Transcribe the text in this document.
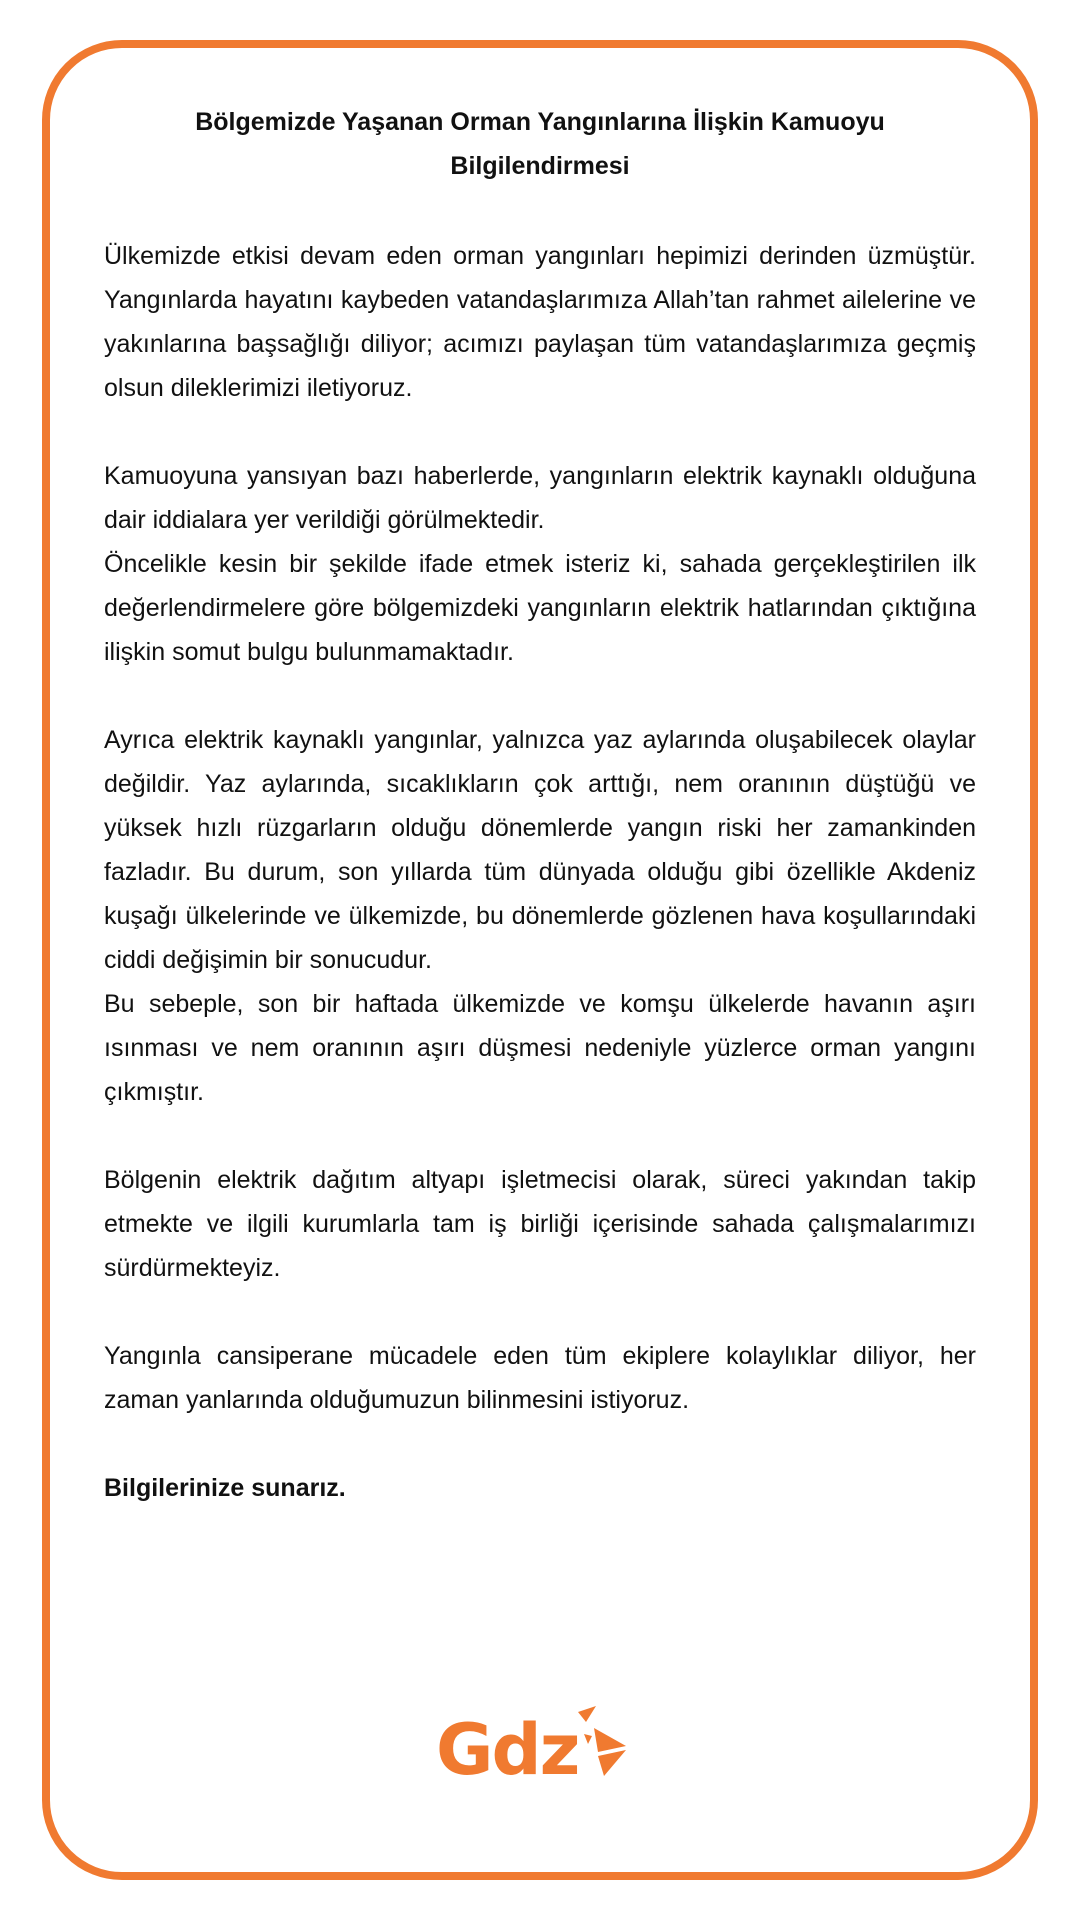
Bölgemizde Yaşanan Orman Yangınlarına İlişkin Kamuoyu Bilgilendirmesi

Ülkemizde etkisi devam eden orman yangınları hepimizi derinden üzmüştür. Yangınlarda hayatını kaybeden vatandaşlarımıza Allah’tan rahmet ailelerine ve yakınlarına başsağlığı diliyor; acımızı paylaşan tüm vatandaşlarımıza geçmiş olsun dileklerimizi iletiyoruz.

Kamuoyuna yansıyan bazı haberlerde, yangınların elektrik kaynaklı olduğuna dair iddialara yer verildiği görülmektedir.

Öncelikle kesin bir şekilde ifade etmek isteriz ki, sahada gerçekleştirilen ilk değerlendirmelere göre bölgemizdeki yangınların elektrik hatlarından çıktığına ilişkin somut bulgu bulunmamaktadır.

Ayrıca elektrik kaynaklı yangınlar, yalnızca yaz aylarında oluşabilecek olaylar değildir. Yaz aylarında, sıcaklıkların çok arttığı, nem oranının düştüğü ve yüksek hızlı rüzgarların olduğu dönemlerde yangın riski her zamankinden fazladır. Bu durum, son yıllarda tüm dünyada olduğu gibi özellikle Akdeniz kuşağı ülkelerinde ve ülkemizde, bu dönemlerde gözlenen hava koşullarındaki ciddi değişimin bir sonucudur.

Bu sebeple, son bir haftada ülkemizde ve komşu ülkelerde havanın aşırı ısınması ve nem oranının aşırı düşmesi nedeniyle yüzlerce orman yangını çıkmıştır.

Bölgenin elektrik dağıtım altyapı işletmecisi olarak, süreci yakından takip etmekte ve ilgili kurumlarla tam iş birliği içerisinde sahada çalışmalarımızı sürdürmekteyiz.

Yangınla cansiperane mücadele eden tüm ekiplere kolaylıklar diliyor, her zaman yanlarında olduğumuzun bilinmesini istiyoruz.

Bilgilerinize sunarız.

Gdz
